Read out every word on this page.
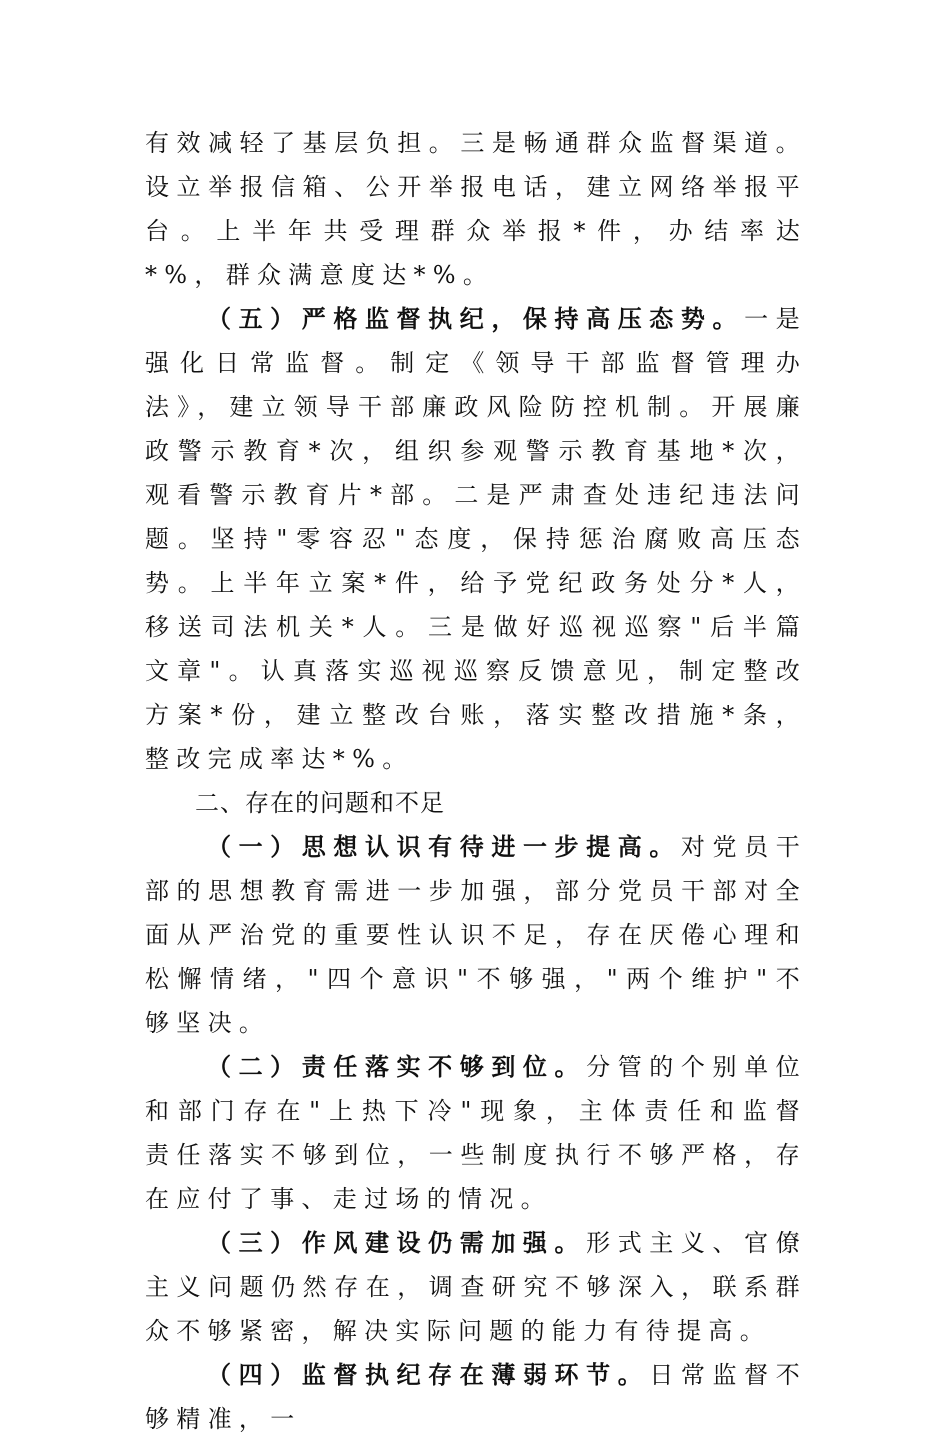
有效减轻了基层负担。三是畅通群众监督渠道。设立举报信箱、公开举报电话，建立网络举报平台。上半年共受理群众举报*件，办结率达*%，群众满意度达*%。

（五）严格监督执纪，保持高压态势。一是强化日常监督。制定《领导干部监督管理办法》，建立领导干部廉政风险防控机制。开展廉政警示教育*次，组织参观警示教育基地*次，观看警示教育片*部。二是严肃查处违纪违法问题。坚持"零容忍"态度，保持惩治腐败高压态势。上半年立案*件，给予党纪政务处分*人，移送司法机关*人。三是做好巡视巡察"后半篇文章"。认真落实巡视巡察反馈意见，制定整改方案*份，建立整改台账，落实整改措施*条，整改完成率达*%。

二、存在的问题和不足

（一）思想认识有待进一步提高。对党员干部的思想教育需进一步加强，部分党员干部对全面从严治党的重要性认识不足，存在厌倦心理和松懈情绪，"四个意识"不够强，"两个维护"不够坚决。

（二）责任落实不够到位。分管的个别单位和部门存在"上热下冷"现象，主体责任和监督责任落实不够到位，一些制度执行不够严格，存在应付了事、走过场的情况。

（三）作风建设仍需加强。形式主义、官僚主义问题仍然存在，调查研究不够深入，联系群众不够紧密，解决实际问题的能力有待提高。

（四）监督执纪存在薄弱环节。日常监督不够精准，一
